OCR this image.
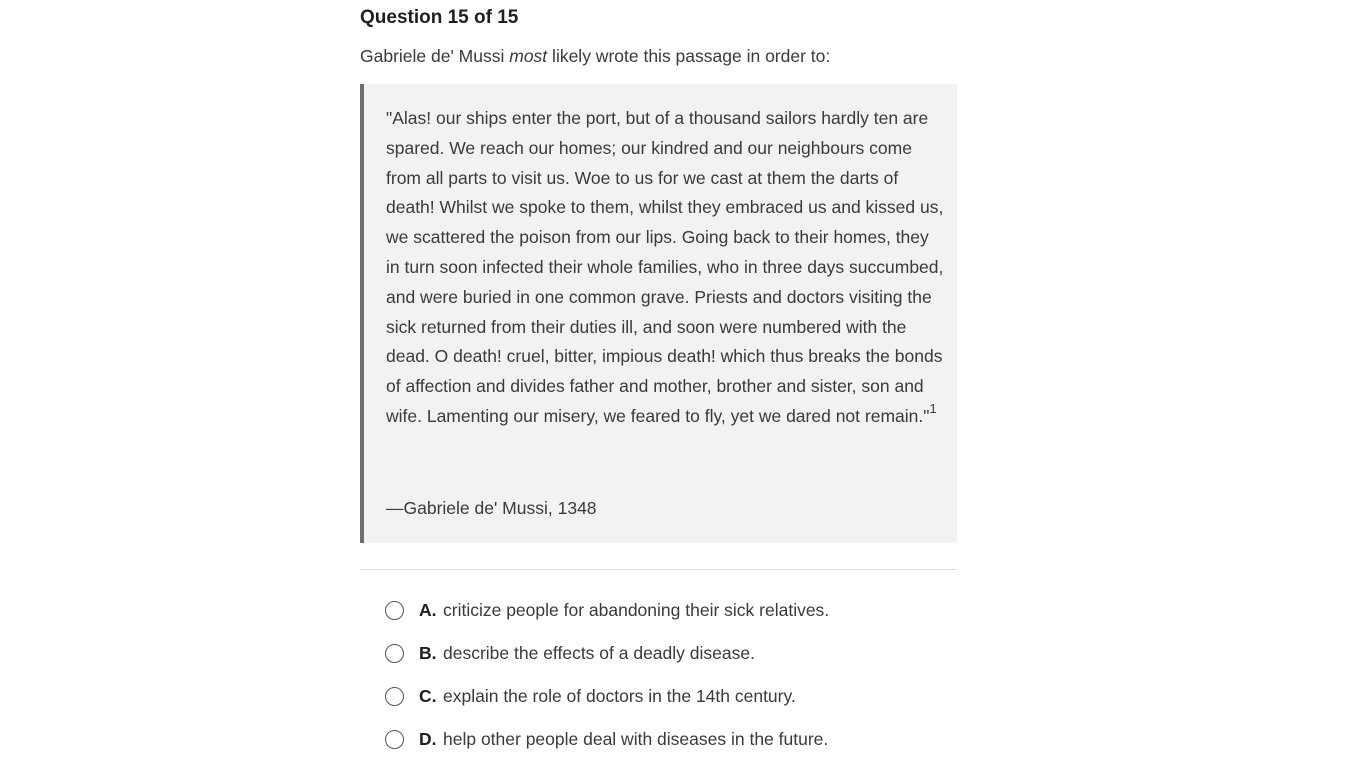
Question 15 of 15
Gabriele de' Mussi most likely wrote this passage in order to:
"Alas! our ships enter the port, but of a thousand sailors hardly ten are spared. We reach our homes; our kindred and our neighbours come from all parts to visit us. Woe to us for we cast at them the darts of death! Whilst we spoke to them, whilst they embraced us and kissed us, we scattered the poison from our lips. Going back to their homes, they in turn soon infected their whole families, who in three days succumbed, and were buried in one common grave. Priests and doctors visiting the sick returned from their duties ill, and soon were numbered with the dead. O death! cruel, bitter, impious death! which thus breaks the bonds of affection and divides father and mother, brother and sister, son and wife. Lamenting our misery, we feared to fly, yet we dared not remain."$^1$
—Gabriele de' Mussi, 1348
A. criticize people for abandoning their sick relatives.
B. describe the effects of a deadly disease.
C. explain the role of doctors in the 14th century.
D. help other people deal with diseases in the future.
